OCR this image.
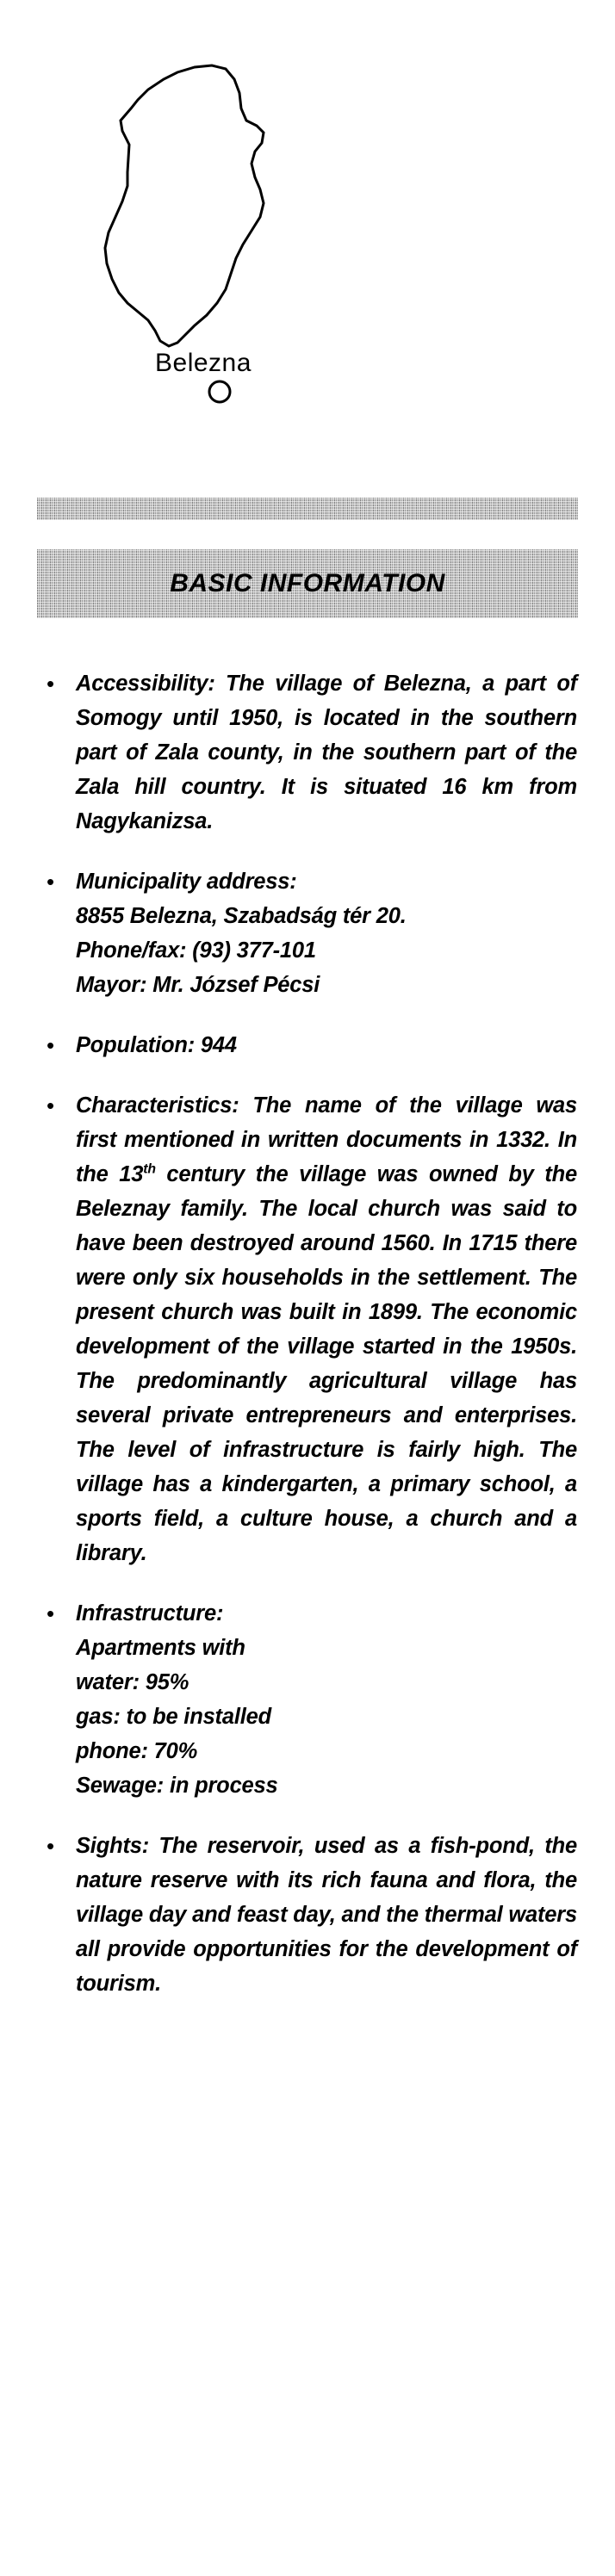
Belezna
BASIC INFORMATION
• Accessibility: The village of Belezna, a part of Somogy until 1950, is located in the southern part of Zala county, in the southern part of the Zala hill country. It is situated 16 km from Nagykanizsa.
• Municipality address:
8855 Belezna, Szabadság tér 20.
Phone/fax: (93) 377-101
Mayor: Mr. József Pécsi
• Population: 944
• Characteristics: The name of the village was first mentioned in written documents in 1332. In the 13th century the village was owned by the Beleznay family. The local church was said to have been destroyed around 1560. In 1715 there were only six households in the settlement. The present church was built in 1899. The economic development of the village started in the 1950s. The predominantly agricultural village has several private entrepreneurs and enterprises. The level of infrastructure is fairly high. The village has a kindergarten, a primary school, a sports field, a culture house, a church and a library.
• Infrastructure:
Apartments with
water: 95%
gas: to be installed
phone: 70%
Sewage: in process
• Sights: The reservoir, used as a fish-pond, the nature reserve with its rich fauna and flora, the village day and feast day, and the thermal waters all provide opportunities for the development of tourism.
